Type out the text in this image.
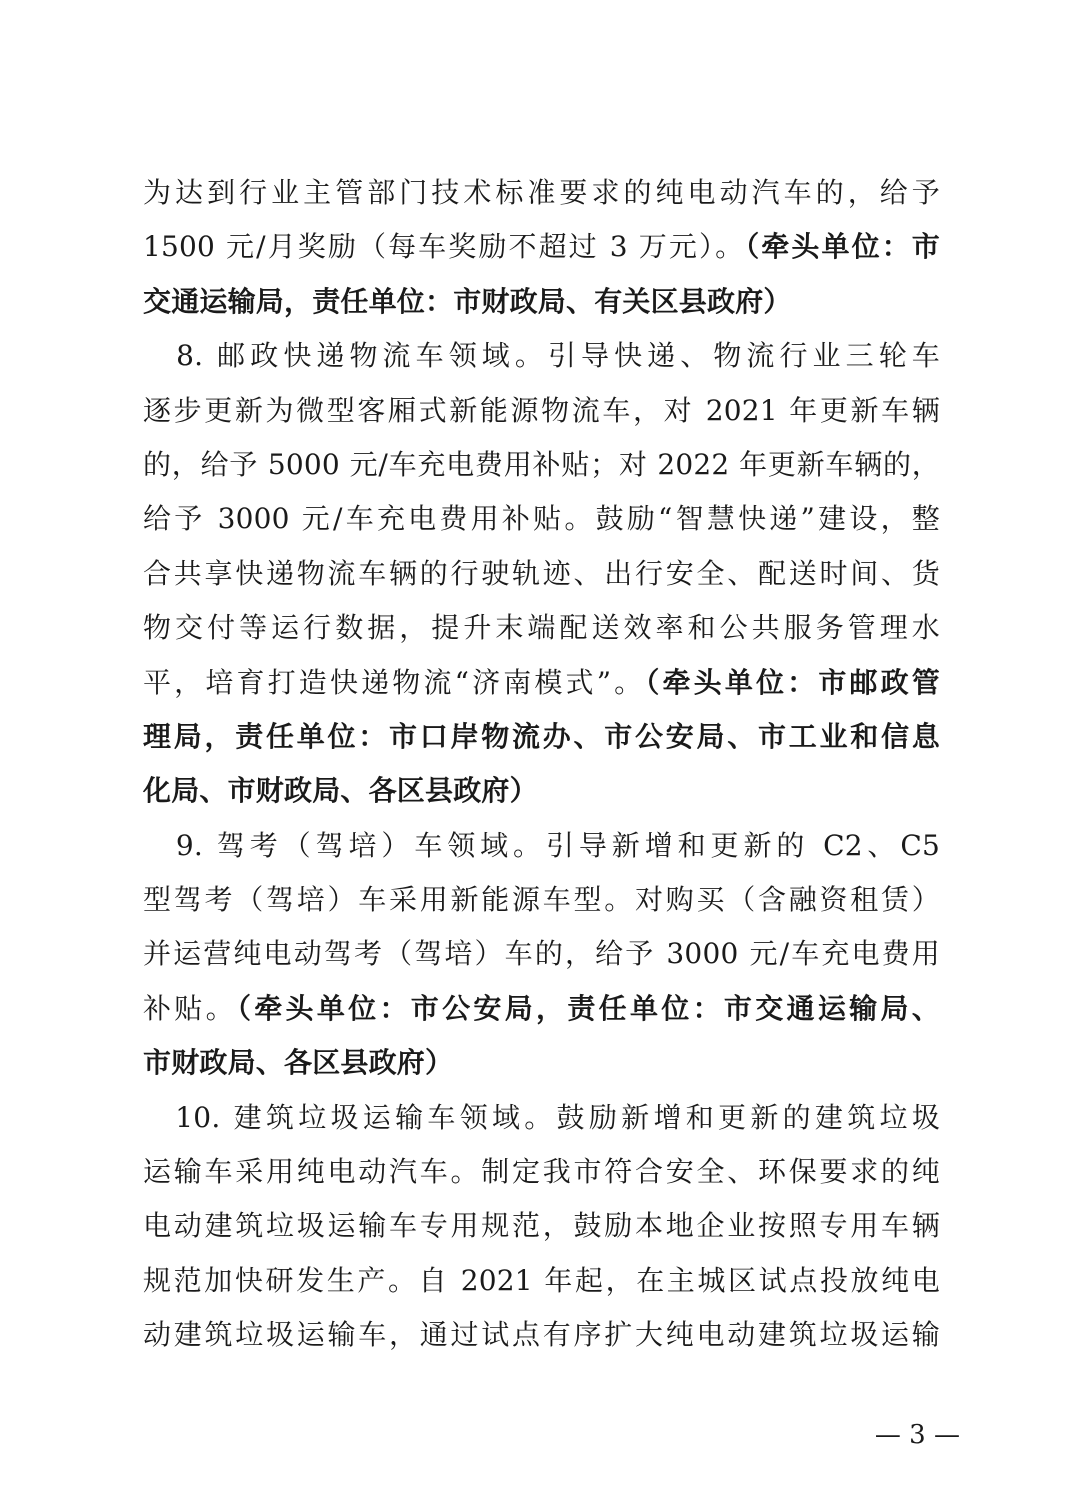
为达到行业主管部门技术标准要求的纯电动汽车的，给予
1500 元/月奖励（每车奖励不超过 3 万元）。（牵头单位：市
交通运输局，责任单位：市财政局、有关区县政府）
　8. 邮政快递物流车领域。引导快递、物流行业三轮车
逐步更新为微型客厢式新能源物流车，对 2021 年更新车辆
的，给予 5000 元/车充电费用补贴；对 2022 年更新车辆的，
给予 3000 元/车充电费用补贴。鼓励“智慧快递”建设，整
合共享快递物流车辆的行驶轨迹、出行安全、配送时间、货
物交付等运行数据，提升末端配送效率和公共服务管理水
平，培育打造快递物流“济南模式”。（牵头单位：市邮政管
理局，责任单位：市口岸物流办、市公安局、市工业和信息
化局、市财政局、各区县政府）
　9. 驾考（驾培）车领域。引导新增和更新的 C2、C5
型驾考（驾培）车采用新能源车型。对购买（含融资租赁）
并运营纯电动驾考（驾培）车的，给予 3000 元/车充电费用
补贴。（牵头单位：市公安局，责任单位：市交通运输局、
市财政局、各区县政府）
　10. 建筑垃圾运输车领域。鼓励新增和更新的建筑垃圾
运输车采用纯电动汽车。制定我市符合安全、环保要求的纯
电动建筑垃圾运输车专用规范，鼓励本地企业按照专用车辆
规范加快研发生产。自 2021 年起，在主城区试点投放纯电
动建筑垃圾运输车，通过试点有序扩大纯电动建筑垃圾运输
— 3 —
